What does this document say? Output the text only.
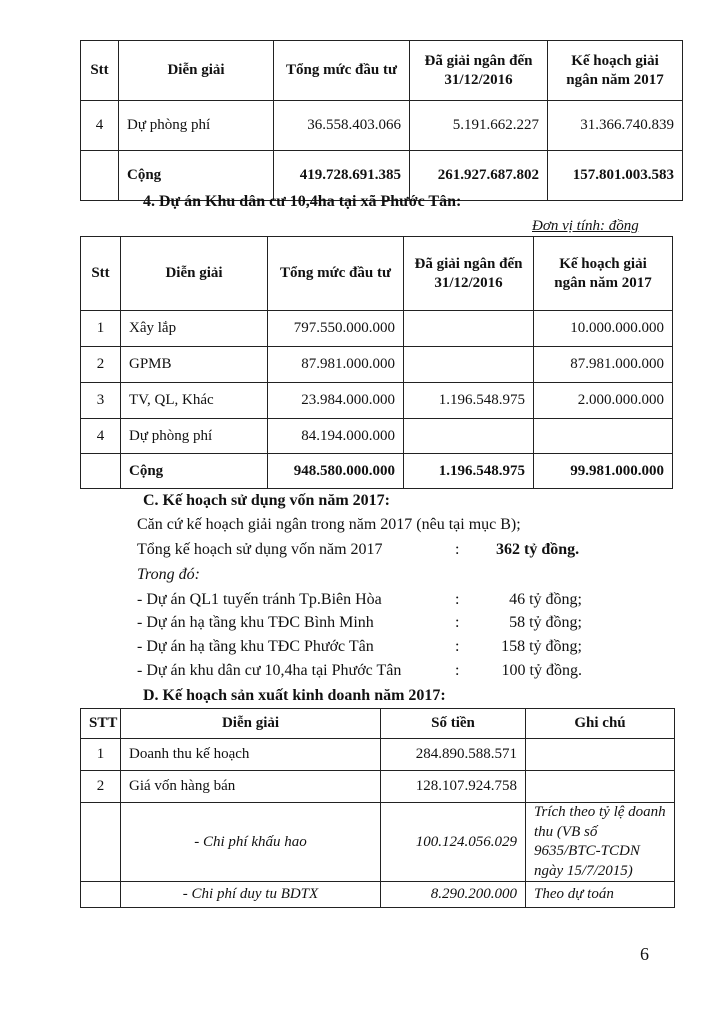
Stt	Diễn giải	Tổng mức đầu tư	Đã giải ngân đến 31/12/2016	Kế hoạch giải ngân năm 2017
4	Dự phòng phí	36.558.403.066	5.191.662.227	31.366.740.839
	Cộng	419.728.691.385	261.927.687.802	157.801.003.583
4. Dự án Khu dân cư 10,4ha tại xã Phước Tân:
Đơn vị tính: đồng
Stt	Diễn giải	Tổng mức đầu tư	Đã giải ngân đến 31/12/2016	Kế hoạch giải ngân năm 2017
1	Xây lắp	797.550.000.000		10.000.000.000
2	GPMB	87.981.000.000		87.981.000.000
3	TV, QL, Khác	23.984.000.000	1.196.548.975	2.000.000.000
4	Dự phòng phí	84.194.000.000		
	Cộng	948.580.000.000	1.196.548.975	99.981.000.000
C. Kế hoạch sử dụng vốn năm 2017:
Căn cứ kế hoạch giải ngân trong năm 2017 (nêu tại mục B);
Tổng kế hoạch sử dụng vốn năm 2017	: 362 tỷ đồng.
Trong đó:
- Dự án QL1 tuyến tránh Tp.Biên Hòa	:	46 tỷ đồng;
- Dự án hạ tầng khu TĐC Bình Minh	:	58 tỷ đồng;
- Dự án hạ tầng khu TĐC Phước Tân	:	158 tỷ đồng;
- Dự án khu dân cư 10,4ha tại Phước Tân	:	100 tỷ đồng.
D. Kế hoạch sản xuất kinh doanh năm 2017:
STT	Diễn giải	Số tiền	Ghi chú
1	Doanh thu kế hoạch	284.890.588.571	
2	Giá vốn hàng bán	128.107.924.758	
	- Chi phí khấu hao	100.124.056.029	Trích theo tỷ lệ doanh thu (VB số 9635/BTC-TCDN ngày 15/7/2015)
	- Chi phí duy tu BDTX	8.290.200.000	Theo dự toán
6
